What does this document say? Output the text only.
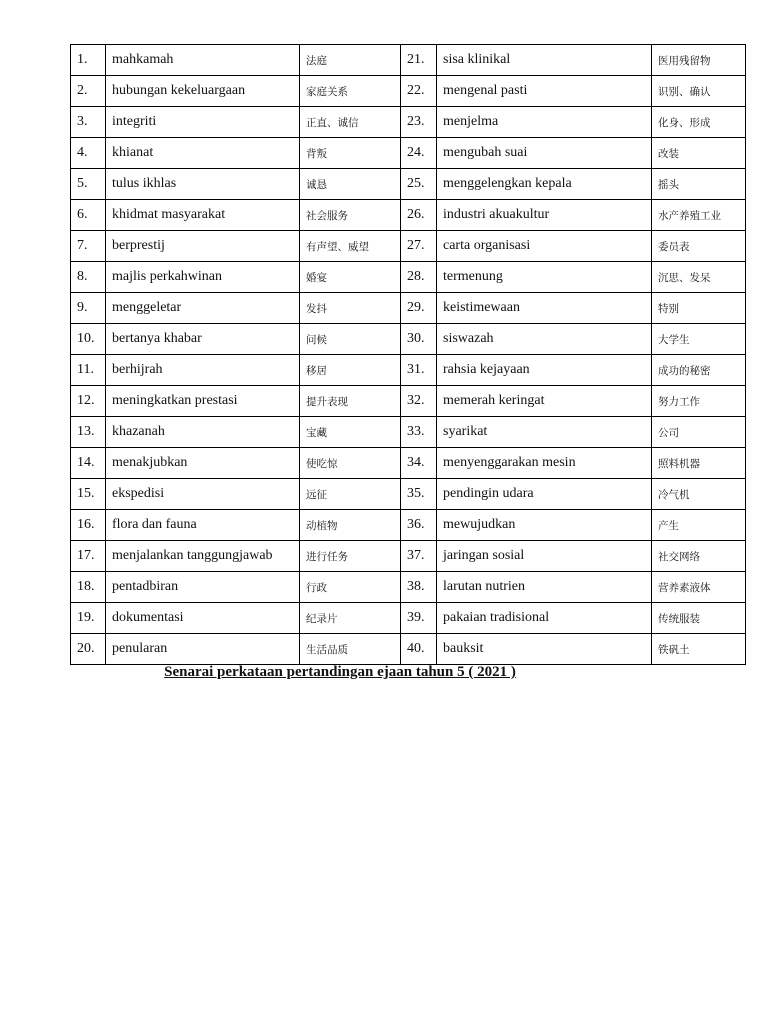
1.	mahkamah	法庭	21.	sisa klinikal	医用残留物
2.	hubungan kekeluargaan	家庭关系	22.	mengenal pasti	识别、确认
3.	integriti	正直、诚信	23.	menjelma	化身、形成
4.	khianat	背叛	24.	mengubah suai	改装
5.	tulus ikhlas	诚恳	25.	menggelengkan kepala	摇头
6.	khidmat masyarakat	社会服务	26.	industri akuakultur	水产养殖工业
7.	berprestij	有声望、威望	27.	carta organisasi	委员表
8.	majlis perkahwinan	婚宴	28.	termenung	沉思、发呆
9.	menggeletar	发抖	29.	keistimewaan	特别
10.	bertanya khabar	问候	30.	siswazah	大学生
11.	berhijrah	移居	31.	rahsia kejayaan	成功的秘密
12.	meningkatkan prestasi	提升表现	32.	memerah keringat	努力工作
13.	khazanah	宝藏	33.	syarikat	公司
14.	menakjubkan	使吃惊	34.	menyenggarakan mesin	照料机器
15.	ekspedisi	远征	35.	pendingin udara	冷气机
16.	flora dan fauna	动植物	36.	mewujudkan	产生
17.	menjalankan tanggungjawab	进行任务	37.	jaringan sosial	社交网络
18.	pentadbiran	行政	38.	larutan nutrien	营养素液体
19.	dokumentasi	纪录片	39.	pakaian tradisional	传统服装
20.	penularan	生活品质	40.	bauksit	铁矾土
Senarai perkataan pertandingan ejaan tahun 5 ( 2021 )
